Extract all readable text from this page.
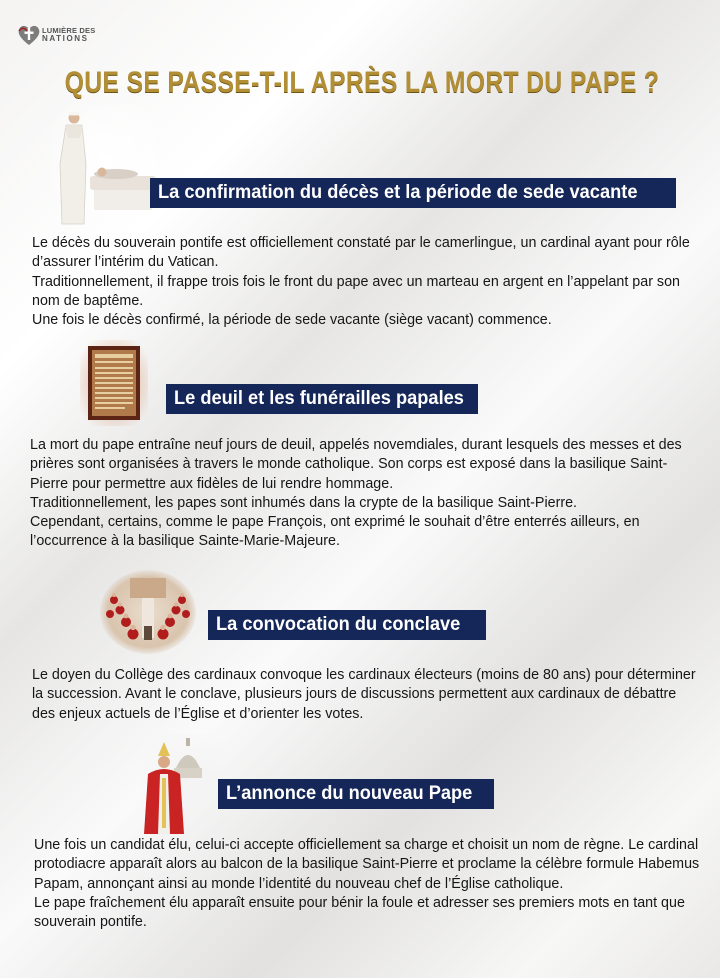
LUMIÈRE DES
NATIONS
QUE SE PASSE-T-IL APRÈS LA MORT DU PAPE ?
La confirmation du décès et la période de sede vacante

Le décès du souverain pontife est officiellement constaté par le camerlingue, un cardinal ayant pour rôle d’assurer l’intérim du Vatican.

Traditionnellement, il frappe trois fois le front du pape avec un marteau en argent en l’appelant par son nom de baptême.

Une fois le décès confirmé, la période de sede vacante (siège vacant) commence.

Le deuil et les funérailles papales

La mort du pape entraîne neuf jours de deuil, appelés novemdiales, durant lesquels des messes et des prières sont organisées à travers le monde catholique. Son corps est exposé dans la basilique Saint-Pierre pour permettre aux fidèles de lui rendre hommage.

Traditionnellement, les papes sont inhumés dans la crypte de la basilique Saint-Pierre.

Cependant, certains, comme le pape François, ont exprimé le souhait d’être enterrés ailleurs, en l’occurrence à la basilique Sainte-Marie-Majeure.

La convocation du conclave

Le doyen du Collège des cardinaux convoque les cardinaux électeurs (moins de 80 ans) pour déterminer la succession. Avant le conclave, plusieurs jours de discussions permettent aux cardinaux de débattre des enjeux actuels de l’Église et d’orienter les votes.

L’annonce du nouveau Pape

Une fois un candidat élu, celui-ci accepte officiellement sa charge et choisit un nom de règne. Le cardinal protodiacre apparaît alors au balcon de la basilique Saint-Pierre et proclame la célèbre formule Habemus Papam, annonçant ainsi au monde l’identité du nouveau chef de l’Église catholique.

Le pape fraîchement élu apparaît ensuite pour bénir la foule et adresser ses premiers mots en tant que souverain pontife.
